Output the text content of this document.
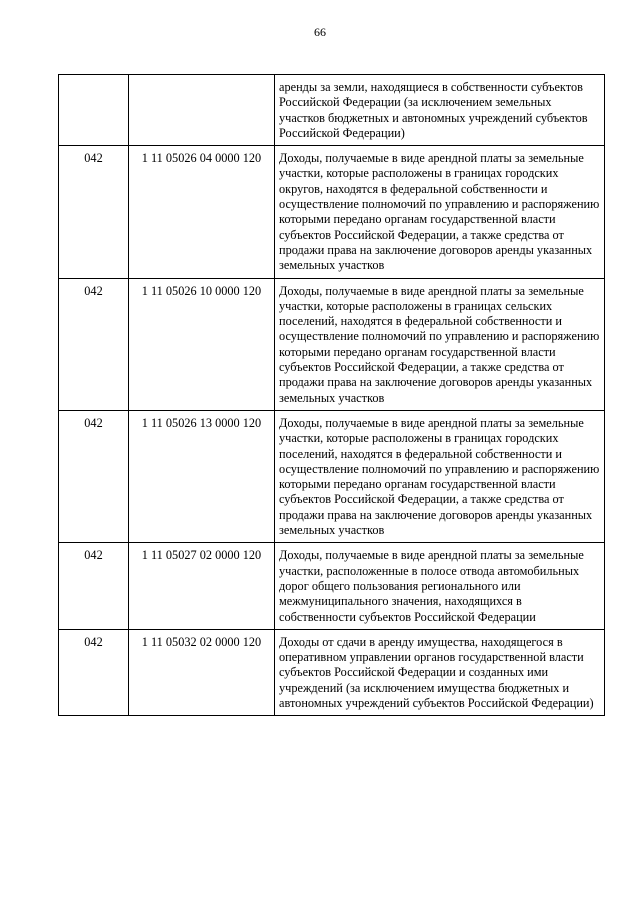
66
		аренды за земли, находящиеся в собственности субъектов Российской Федерации (за исключением земельных участков бюджетных и автономных учреждений субъектов Российской Федерации)
042	1 11 05026 04 0000 120	Доходы, получаемые в виде арендной платы за земельные участки, которые расположены в границах городских округов, находятся в федеральной собственности и осуществление полномочий по управлению и распоряжению которыми передано органам государственной власти субъектов Российской Федерации, а также средства от продажи права на заключение договоров аренды указанных земельных участков
042	1 11 05026 10 0000 120	Доходы, получаемые в виде арендной платы за земельные участки, которые расположены в границах сельских поселений, находятся в федеральной собственности и осуществление полномочий по управлению и распоряжению которыми передано органам государственной власти субъектов Российской Федерации, а также средства от продажи права на заключение договоров аренды указанных земельных участков
042	1 11 05026 13 0000 120	Доходы, получаемые в виде арендной платы за земельные участки, которые расположены в границах городских поселений, находятся в федеральной собственности и осуществление полномочий по управлению и распоряжению которыми передано органам государственной власти субъектов Российской Федерации, а также средства от продажи права на заключение договоров аренды указанных земельных участков
042	1 11 05027 02 0000 120	Доходы, получаемые в виде арендной платы за земельные участки, расположенные в полосе отвода автомобильных дорог общего пользования регионального или межмуниципального значения, находящихся в собственности субъектов Российской Федерации
042	1 11 05032 02 0000 120	Доходы от сдачи в аренду имущества, находящегося в оперативном управлении органов государственной власти субъектов Российской Федерации и созданных ими учреждений (за исключением имущества бюджетных и автономных учреждений субъектов Российской Федерации)
